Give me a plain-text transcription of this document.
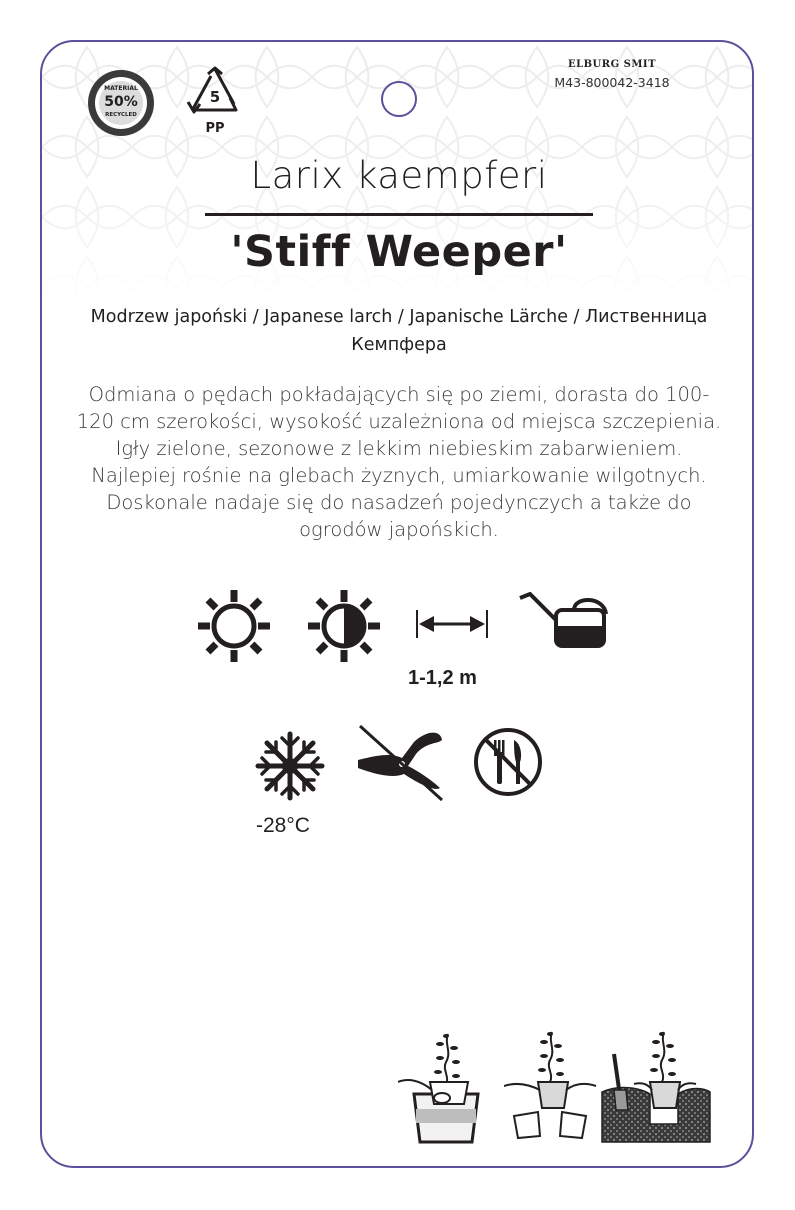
MATERIAL
50%
RECYCLED
5
PP
ELBURG SMIT
M43-800042-3418
Larix kaempferi
'Stiff Weeper'
Modrzew japoński / Japanese larch / Japanische Lärche / Лиственница Кемпфера
Odmiana o pędach pokładających się po ziemi, dorasta do 100-
120 cm szerokości, wysokość uzależniona od miejsca szczepienia.
Igły zielone, sezonowe z lekkim niebieskim zabarwieniem.
Najlepiej rośnie na glebach żyznych, umiarkowanie wilgotnych.
Doskonale nadaje się do nasadzeń pojedynczych a także do
ogrodów japońskich.
1-1,2 m
-28°C
